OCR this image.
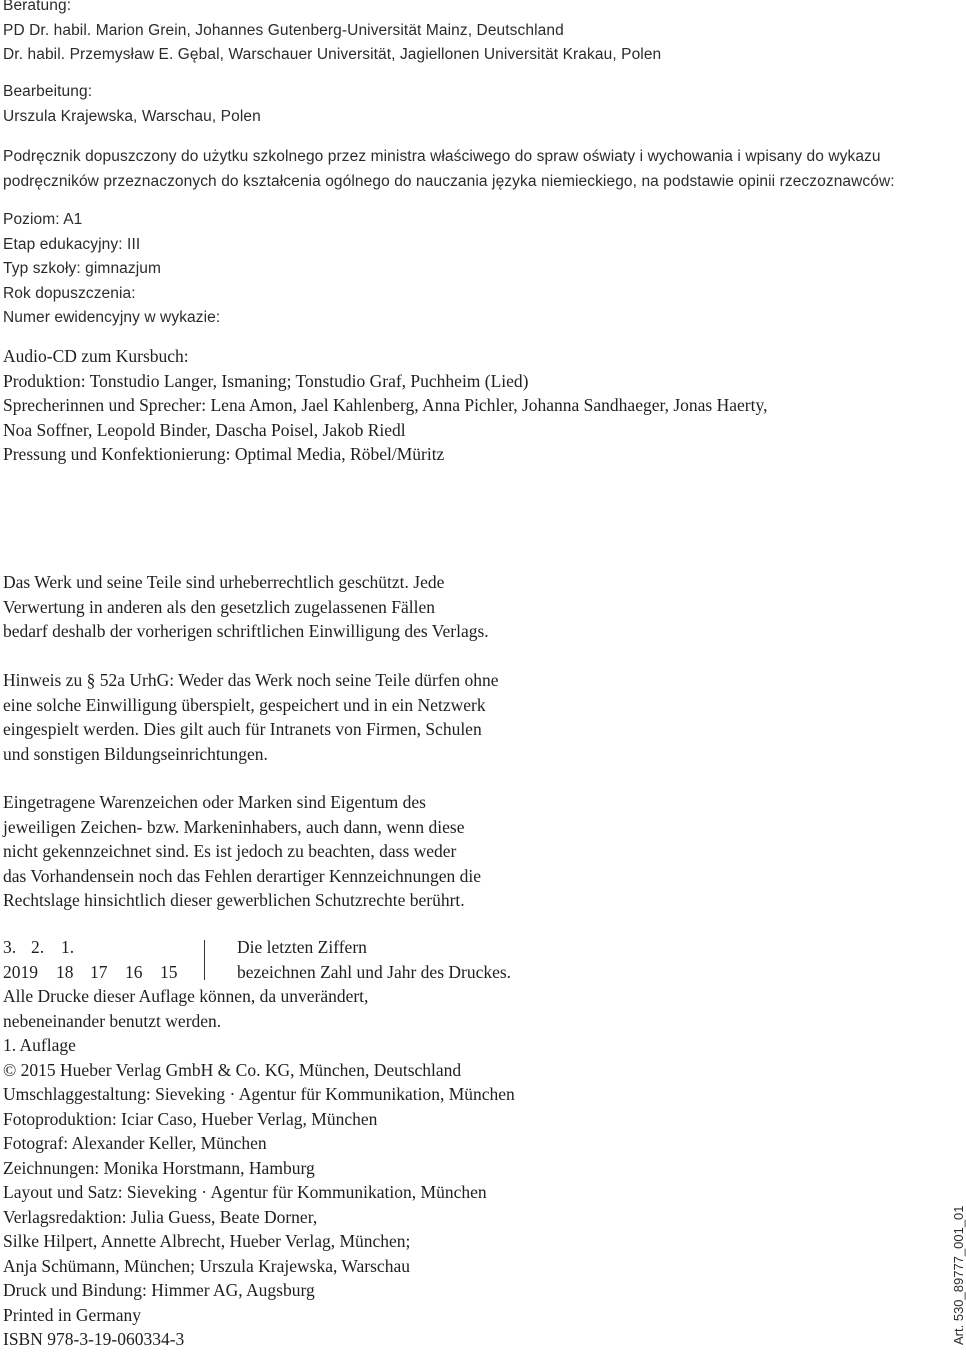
Beratung:
PD Dr. habil. Marion Grein, Johannes Gutenberg-Universität Mainz, Deutschland
Dr. habil. Przemysław E. Gębal, Warschauer Universität, Jagiellonen Universität Krakau, Polen
Bearbeitung:
Urszula Krajewska, Warschau, Polen
Podręcznik dopuszczony do użytku szkolnego przez ministra właściwego do spraw oświaty i wychowania i wpisany do wykazu
podręczników przeznaczonych do kształcenia ogólnego do nauczania języka niemieckiego, na podstawie opinii rzeczoznawców:
Poziom: A1
Etap edukacyjny: III
Typ szkoły: gimnazjum
Rok dopuszczenia:
Numer ewidencyjny w wykazie:
Audio-CD zum Kursbuch:
Produktion: Tonstudio Langer, Ismaning; Tonstudio Graf, Puchheim (Lied)
Sprecherinnen und Sprecher: Lena Amon, Jael Kahlenberg, Anna Pichler, Johanna Sandhaeger, Jonas Haerty,
Noa Soffner, Leopold Binder, Dascha Poisel, Jakob Riedl
Pressung und Konfektionierung: Optimal Media, Röbel/Müritz
Das Werk und seine Teile sind urheberrechtlich geschützt. Jede
Verwertung in anderen als den gesetzlich zugelassenen Fällen
bedarf deshalb der vorherigen schriftlichen Einwilligung des Verlags.
Hinweis zu § 52a UrhG: Weder das Werk noch seine Teile dürfen ohne
eine solche Einwilligung überspielt, gespeichert und in ein Netzwerk
eingespielt werden. Dies gilt auch für Intranets von Firmen, Schulen
und sonstigen Bildungseinrichtungen.
Eingetragene Warenzeichen oder Marken sind Eigentum des
jeweiligen Zeichen- bzw. Markeninhabers, auch dann, wenn diese
nicht gekennzeichnet sind. Es ist jedoch zu beachten, dass weder
das Vorhandensein noch das Fehlen derartiger Kennzeichnungen die
Rechtslage hinsichtlich dieser gewerblichen Schutzrechte berührt.
3. 2. 1.
2019 18 17 16 15
Die letzten Ziffern
bezeichnen Zahl und Jahr des Druckes.
Alle Drucke dieser Auflage können, da unverändert,
nebeneinander benutzt werden.
1. Auflage
© 2015 Hueber Verlag GmbH & Co. KG, München, Deutschland
Umschlaggestaltung: Sieveking · Agentur für Kommunikation, München
Fotoproduktion: Iciar Caso, Hueber Verlag, München
Fotograf: Alexander Keller, München
Zeichnungen: Monika Horstmann, Hamburg
Layout und Satz: Sieveking · Agentur für Kommunikation, München
Verlagsredaktion: Julia Guess, Beate Dorner,
Silke Hilpert, Annette Albrecht, Hueber Verlag, München;
Anja Schümann, München; Urszula Krajewska, Warschau
Druck und Bindung: Himmer AG, Augsburg
Printed in Germany
ISBN 978-3-19-060334-3	Art. 530_89777_001_01
